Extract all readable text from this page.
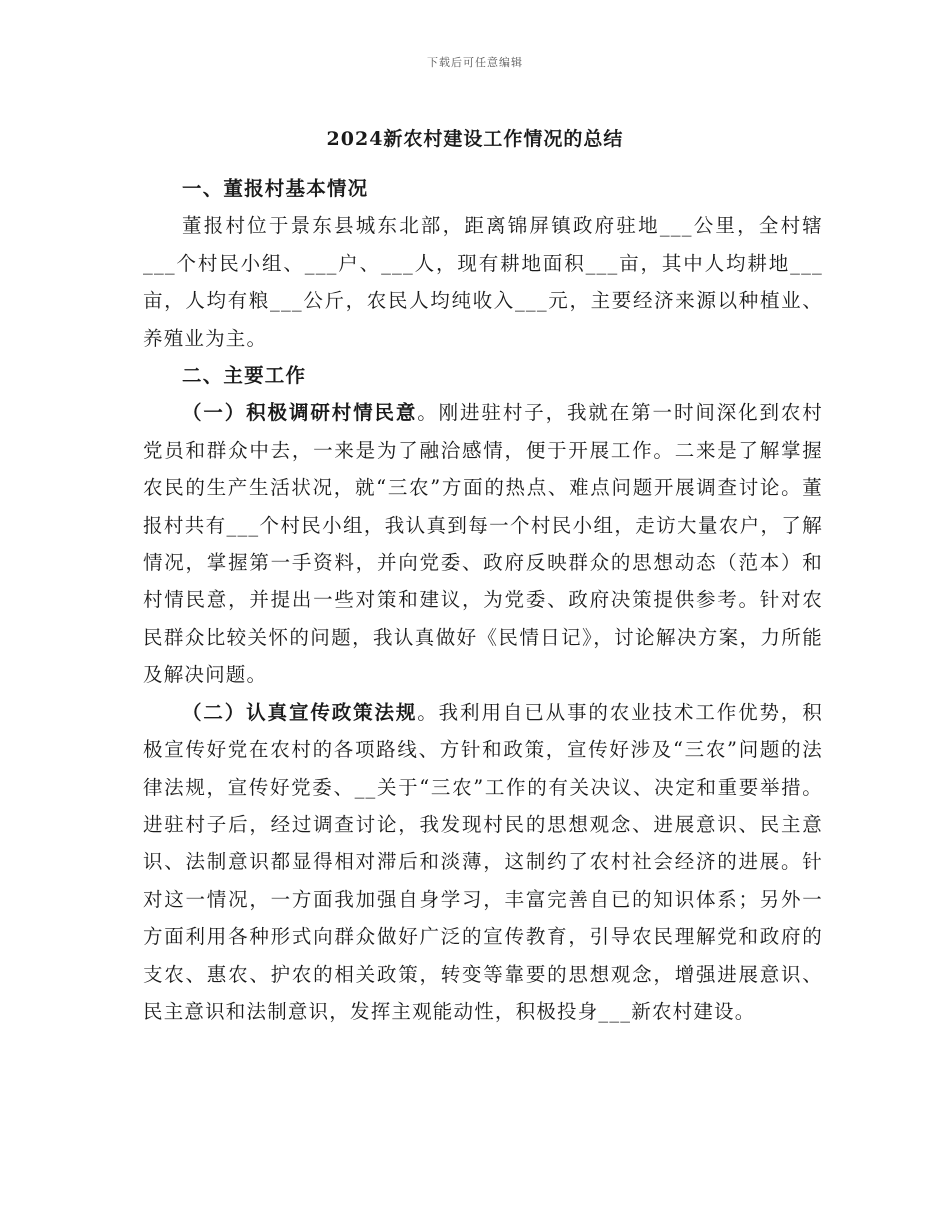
下载后可任意编辑
2024新农村建设工作情况的总结
一、董报村基本情况

董报村位于景东县城东北部，距离锦屏镇政府驻地___公里，全村辖___个村民小组、___户、___人，现有耕地面积___亩，其中人均耕地___亩，人均有粮___公斤，农民人均纯收入___元，主要经济来源以种植业、养殖业为主。

二、主要工作

（一）积极调研村情民意。刚进驻村子，我就在第一时间深化到农村党员和群众中去，一来是为了融洽感情，便于开展工作。二来是了解掌握农民的生产生活状况，就“三农”方面的热点、难点问题开展调查讨论。董报村共有___个村民小组，我认真到每一个村民小组，走访大量农户，了解情况，掌握第一手资料，并向党委、政府反映群众的思想动态（范本）和村情民意，并提出一些对策和建议，为党委、政府决策提供参考。针对农民群众比较关怀的问题，我认真做好《民情日记》，讨论解决方案，力所能及解决问题。

（二）认真宣传政策法规。我利用自已从事的农业技术工作优势，积极宣传好党在农村的各项路线、方针和政策，宣传好涉及“三农”问题的法律法规，宣传好党委、__关于“三农”工作的有关决议、决定和重要举措。进驻村子后，经过调查讨论，我发现村民的思想观念、进展意识、民主意识、法制意识都显得相对滞后和淡薄，这制约了农村社会经济的进展。针对这一情况，一方面我加强自身学习，丰富完善自已的知识体系；另外一方面利用各种形式向群众做好广泛的宣传教育，引导农民理解党和政府的支农、惠农、护农的相关政策，转变等靠要的思想观念，增强进展意识、民主意识和法制意识，发挥主观能动性，积极投身___新农村建设。
